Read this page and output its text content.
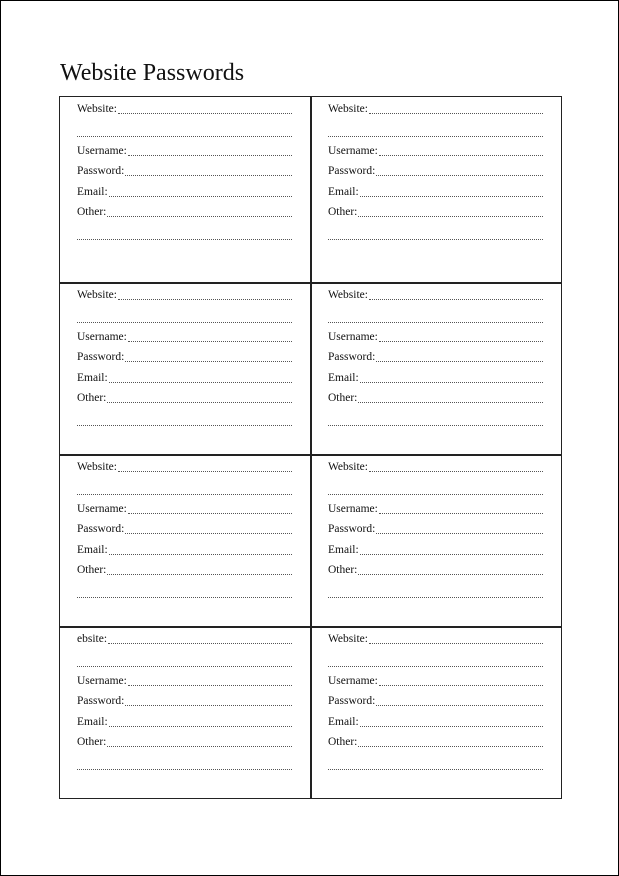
Website Passwords
Website:
Username:
Password:
Email:
Other:
Website:
Username:
Password:
Email:
Other:
Website:
Username:
Password:
Email:
Other:
Website:
Username:
Password:
Email:
Other:
Website:
Username:
Password:
Email:
Other:
Website:
Username:
Password:
Email:
Other:
ebsite:
Username:
Password:
Email:
Other:
Website:
Username:
Password:
Email:
Other:
